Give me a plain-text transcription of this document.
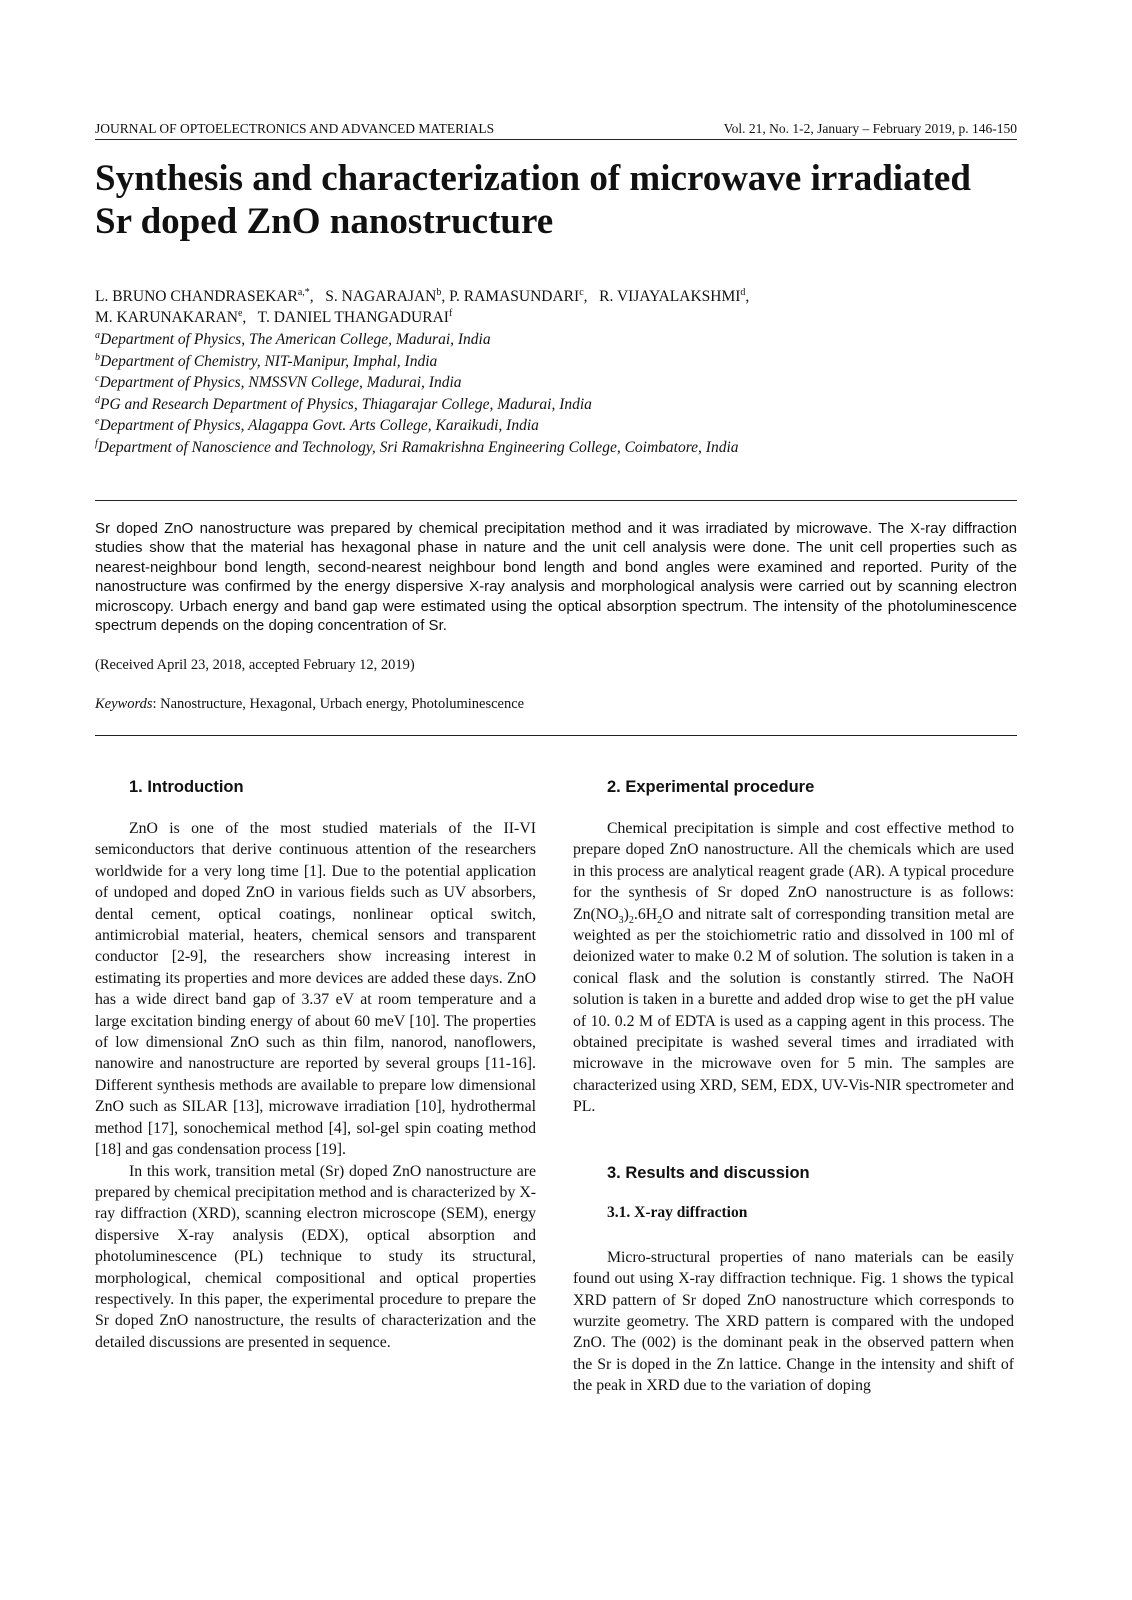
JOURNAL OF OPTOELECTRONICS AND ADVANCED MATERIALS	Vol. 21, No. 1-2, January – February 2019, p. 146-150
Synthesis and characterization of microwave irradiated
Sr doped ZnO nanostructure
L. BRUNO $CHANDRASEKAR^{a,*}$,   S. NAGARAJAN$^b$, P. RAMASUNDARI$^c$,   R. VIJAYALAKSHMI$^d$,
M. KARUNAKARAN$^e$,   T. DANIEL THANGADURAI$^f$
$^a$Department of Physics, The American College, Madurai, India
$^b$Department of Chemistry, NIT-Manipur, Imphal, India
$^c$Department of Physics, NMSSVN College, Madurai, India
$^d$PG and Research Department of Physics, Thiagarajar College, Madurai, India
$^e$Department of Physics, Alagappa Govt. Arts College, Karaikudi, India
$^f$Department of Nanoscience and Technology, Sri Ramakrishna Engineering College, Coimbatore, India

Sr doped ZnO nanostructure was prepared by chemical precipitation method and it was irradiated by microwave. The X-ray diffraction studies show that the material has hexagonal phase in nature and the unit cell analysis were done. The unit cell properties such as nearest-neighbour bond length, second-nearest neighbour bond length and bond angles were examined and reported. Purity of the nanostructure was confirmed by the energy dispersive X-ray analysis and morphological analysis were carried out by scanning electron microscopy. Urbach energy and band gap were estimated using the optical absorption spectrum. The intensity of the photoluminescence spectrum depends on the doping concentration of Sr.

(Received April 23, 2018, accepted February 12, 2019)
Keywords: Nanostructure, Hexagonal, Urbach energy, Photoluminescence
1. Introduction

ZnO is one of the most studied materials of the II-VI semiconductors that derive continuous attention of the researchers worldwide for a very long time [1]. Due to the potential application of undoped and doped ZnO in various fields such as UV absorbers, dental cement, optical coatings, nonlinear optical switch, antimicrobial material, heaters, chemical sensors and transparent conductor [2-9], the researchers show increasing interest in estimating its properties and more devices are added these days. ZnO has a wide direct band gap of 3.37 eV at room temperature and a large excitation binding energy of about 60 meV [10]. The properties of low dimensional ZnO such as thin film, nanorod, nanoflowers, nanowire and nanostructure are reported by several groups [11-16]. Different synthesis methods are available to prepare low dimensional ZnO such as SILAR [13], microwave irradiation [10], hydrothermal method [17], sonochemical method [4], sol-gel spin coating method [18] and gas condensation process [19].

In this work, transition metal (Sr) doped ZnO nanostructure are prepared by chemical precipitation method and is characterized by X-ray diffraction (XRD), scanning electron microscope (SEM), energy dispersive X-ray analysis (EDX), optical absorption and photoluminescence (PL) technique to study its structural, morphological, chemical compositional and optical properties respectively. In this paper, the experimental procedure to prepare the Sr doped ZnO nanostructure, the results of characterization and the detailed discussions are presented in sequence.

2. Experimental procedure

Chemical precipitation is simple and cost effective method to prepare doped ZnO nanostructure. All the chemicals which are used in this process are analytical reagent grade (AR). A typical procedure for the synthesis of Sr doped ZnO nanostructure is as follows: $Zn(NO_3)_2.6H_2O$ and nitrate salt of corresponding transition metal are weighted as per the stoichiometric ratio and dissolved in 100 ml of deionized water to make 0.2 M of solution. The solution is taken in a conical flask and the solution is constantly stirred. The NaOH solution is taken in a burette and added drop wise to get the pH value of 10. 0.2 M of EDTA is used as a capping agent in this process. The obtained precipitate is washed several times and irradiated with microwave in the microwave oven for 5 min. The samples are characterized using XRD, SEM, EDX, UV-Vis-NIR spectrometer and PL.

3. Results and discussion
3.1. X-ray diffraction

Micro-structural properties of nano materials can be easily found out using X-ray diffraction technique. Fig. 1 shows the typical XRD pattern of Sr doped ZnO nanostructure which corresponds to wurzite geometry. The XRD pattern is compared with the undoped ZnO. The (002) is the dominant peak in the observed pattern when the Sr is doped in the Zn lattice. Change in the intensity and shift of the peak in XRD due to the variation of doping
